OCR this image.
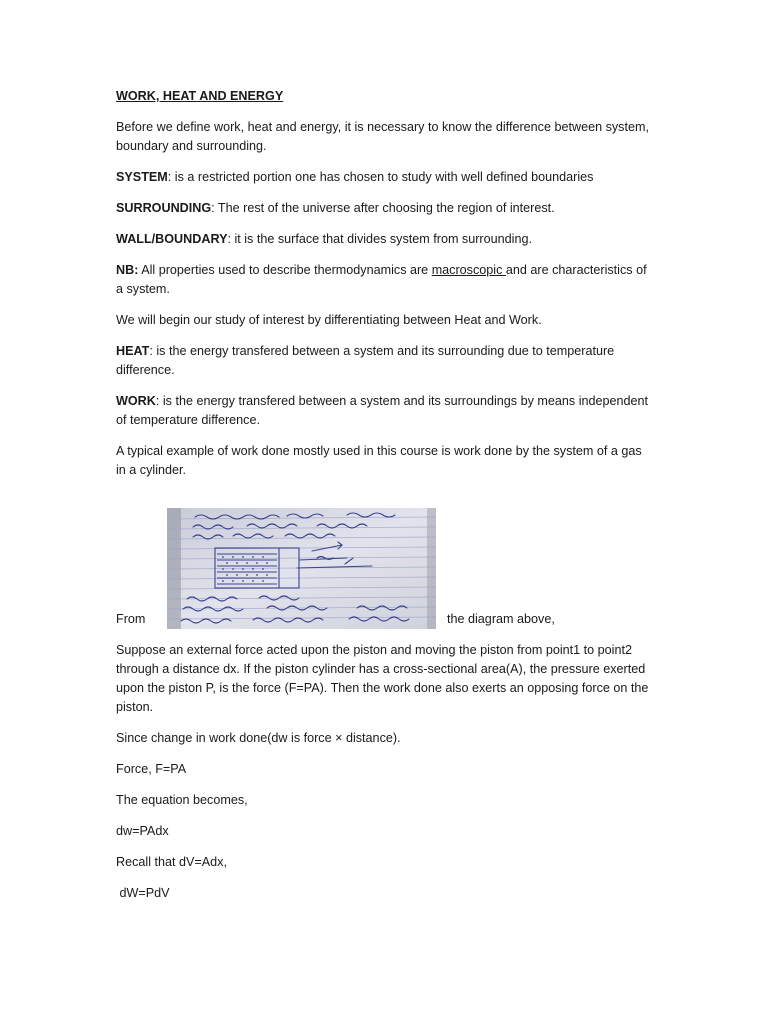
WORK, HEAT AND ENERGY

Before we define work, heat and energy, it is necessary to know the difference between system, boundary and surrounding.

SYSTEM: is a restricted portion one has chosen to study with well defined boundaries

SURROUNDING: The rest of the universe after choosing the region of interest.

WALL/BOUNDARY: it is the surface that divides system from surrounding.

NB: All properties used to describe thermodynamics are macroscopic and are characteristics of a system.

We will begin our study of interest by differentiating between Heat and Work.

HEAT: is the energy transfered between a system and its surrounding due to temperature difference.

WORK: is the energy transfered between a system and its surroundings by means independent of temperature difference.

A typical example of work done mostly used in this course is work done by the system of a gas in a cylinder.

From	the diagram above,

Suppose an external force acted upon the piston and moving the piston from point1 to point2 through a distance dx. If the piston cylinder has a cross-sectional area(A), the pressure exerted upon the piston P, is the force (F=PA). Then the work done also exerts an opposing force on the piston.

Since change in work done(dw is force × distance).

Force, F=PA

The equation becomes,

dw=PAdx

Recall that dV=Adx,

dW=PdV
